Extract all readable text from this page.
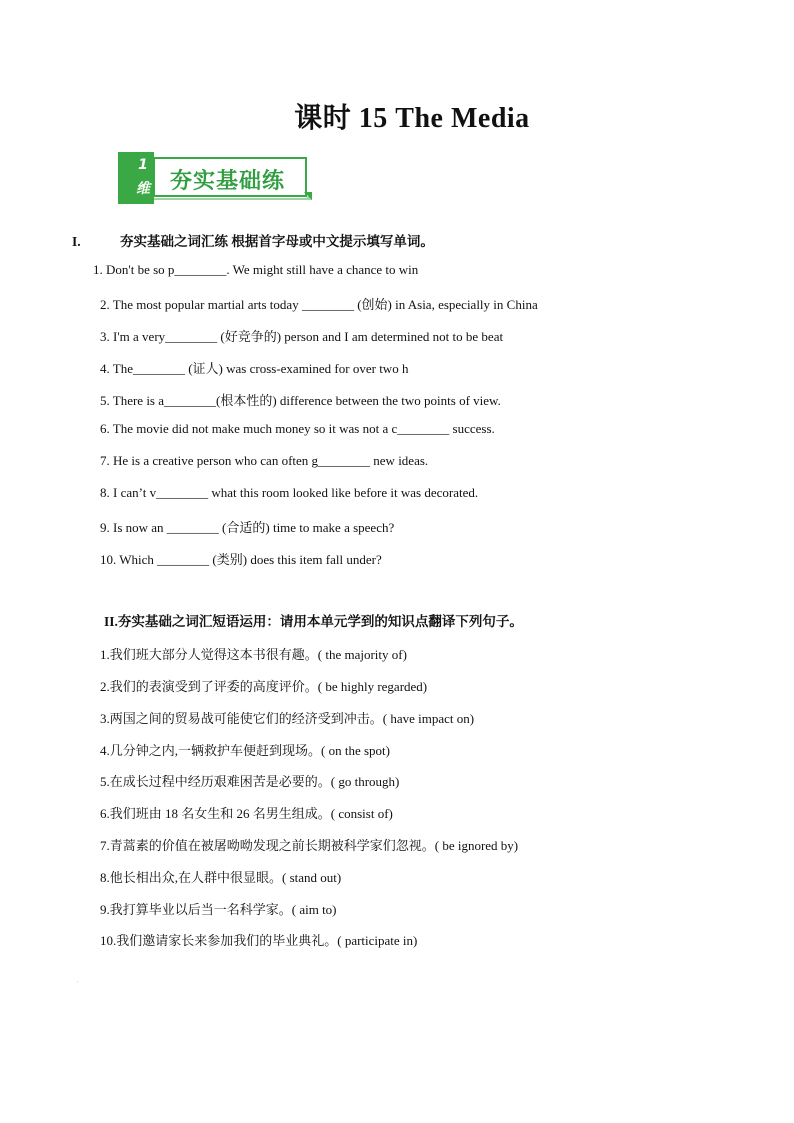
课时 15 The Media
1
维 夯实基础练
I.	夯实基础之词汇练 根据首字母或中文提示填写单词。
1. Don't be so p________. We might still have a chance to win
2. The most popular martial arts today ________ (创始) in Asia, especially in China
3. I'm a very________ (好竞争的) person and I am determined not to be beat
4. The________ (证人) was cross-examined for over two h
5. There is a________(根本性的) difference between the two points of view.
6. The movie did not make much money so it was not a c________ success.
7. He is a creative person who can often g________ new ideas.
8. I can’t v________ what this room looked like before it was decorated.
9. Is now an ________ (合适的) time to make a speech?
10. Which ________ (类别) does this item fall under?
II.夯实基础之词汇短语运用：请用本单元学到的知识点翻译下列句子。
1.我们班大部分人觉得这本书很有趣。( the majority of)
2.我们的表演受到了评委的高度评价。( be highly regarded)
3.两国之间的贸易战可能使它们的经济受到冲击。( have impact on)
4.几分钟之内,一辆救护车便赶到现场。( on the spot)
5.在成长过程中经历艰难困苦是必要的。( go through)
6.我们班由 18 名女生和 26 名男生组成。( consist of)
7.青蒿素的价值在被屠呦呦发现之前长期被科学家们忽视。( be ignored by)
8.他长相出众,在人群中很显眼。( stand out)
9.我打算毕业以后当一名科学家。( aim to)
10.我们邀请家长来参加我们的毕业典礼。( participate in)
·
